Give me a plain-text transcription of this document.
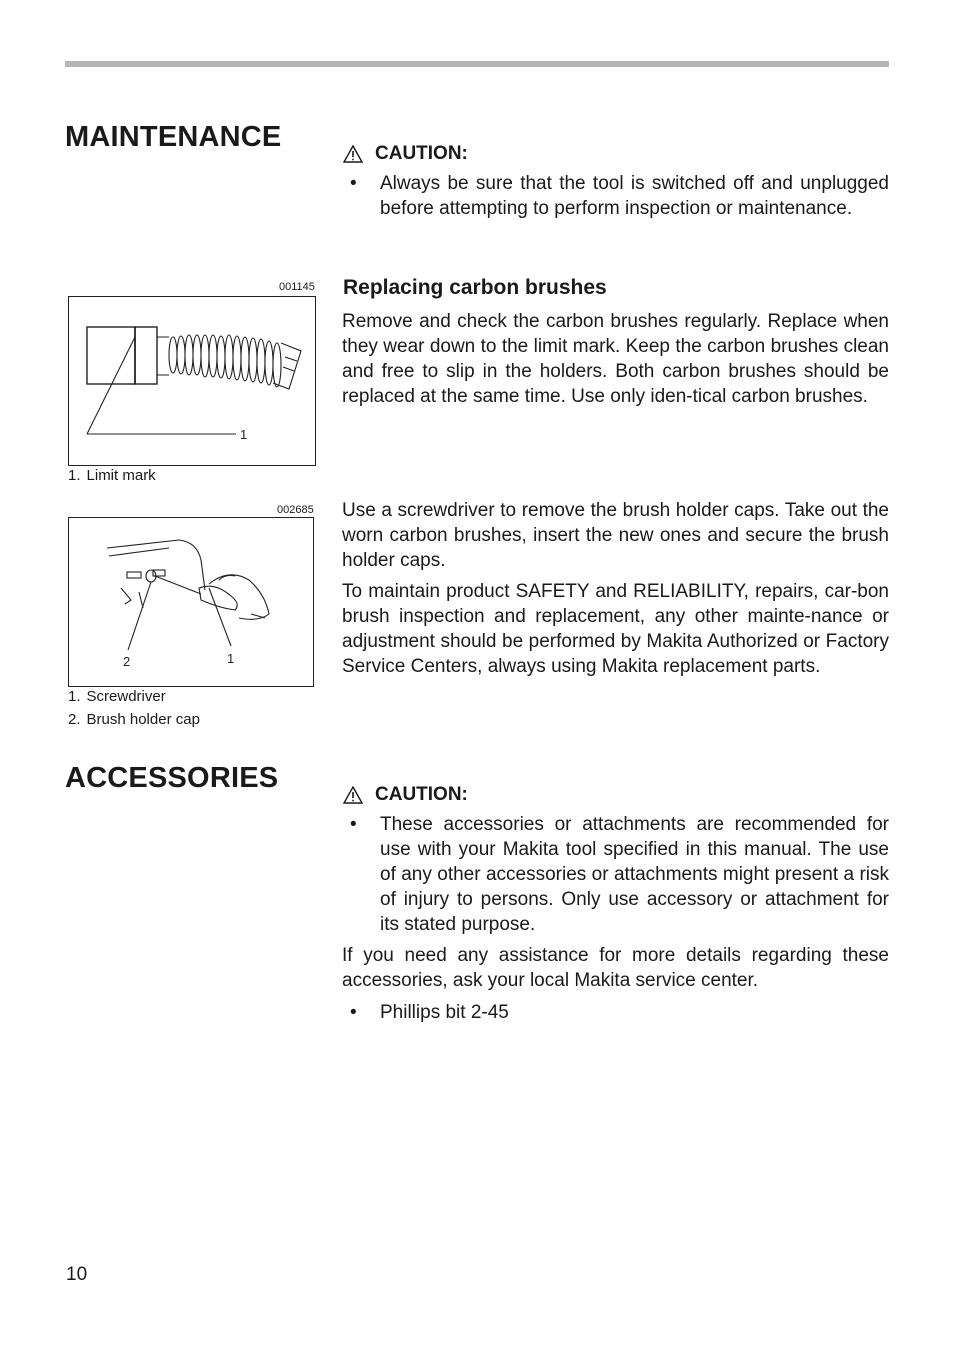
MAINTENANCE
CAUTION:
•	Always be sure that the tool is switched off and unplugged before attempting to perform inspection or maintenance.
Replacing carbon brushes

Remove and check the carbon brushes regularly. Replace when they wear down to the limit mark. Keep the carbon brushes clean and free to slip in the holders. Both carbon brushes should be replaced at the same time. Use only iden-tical carbon brushes.

Use a screwdriver to remove the brush holder caps. Take out the worn carbon brushes, insert the new ones and secure the brush holder caps.

To maintain product SAFETY and RELIABILITY, repairs, car-bon brush inspection and replacement, any other mainte-nance or adjustment should be performed by Makita Authorized or Factory Service Centers, always using Makita replacement parts.

001145
1
1. Limit mark
002685
2	1
1. Screwdriver
2. Brush holder cap
ACCESSORIES
CAUTION:
•	These accessories or attachments are recommended for use with your Makita tool specified in this manual. The use of any other accessories or attachments might present a risk of injury to persons. Only use accessory or attachment for its stated purpose.

If you need any assistance for more details regarding these accessories, ask your local Makita service center.

•	Phillips bit 2-45
10
